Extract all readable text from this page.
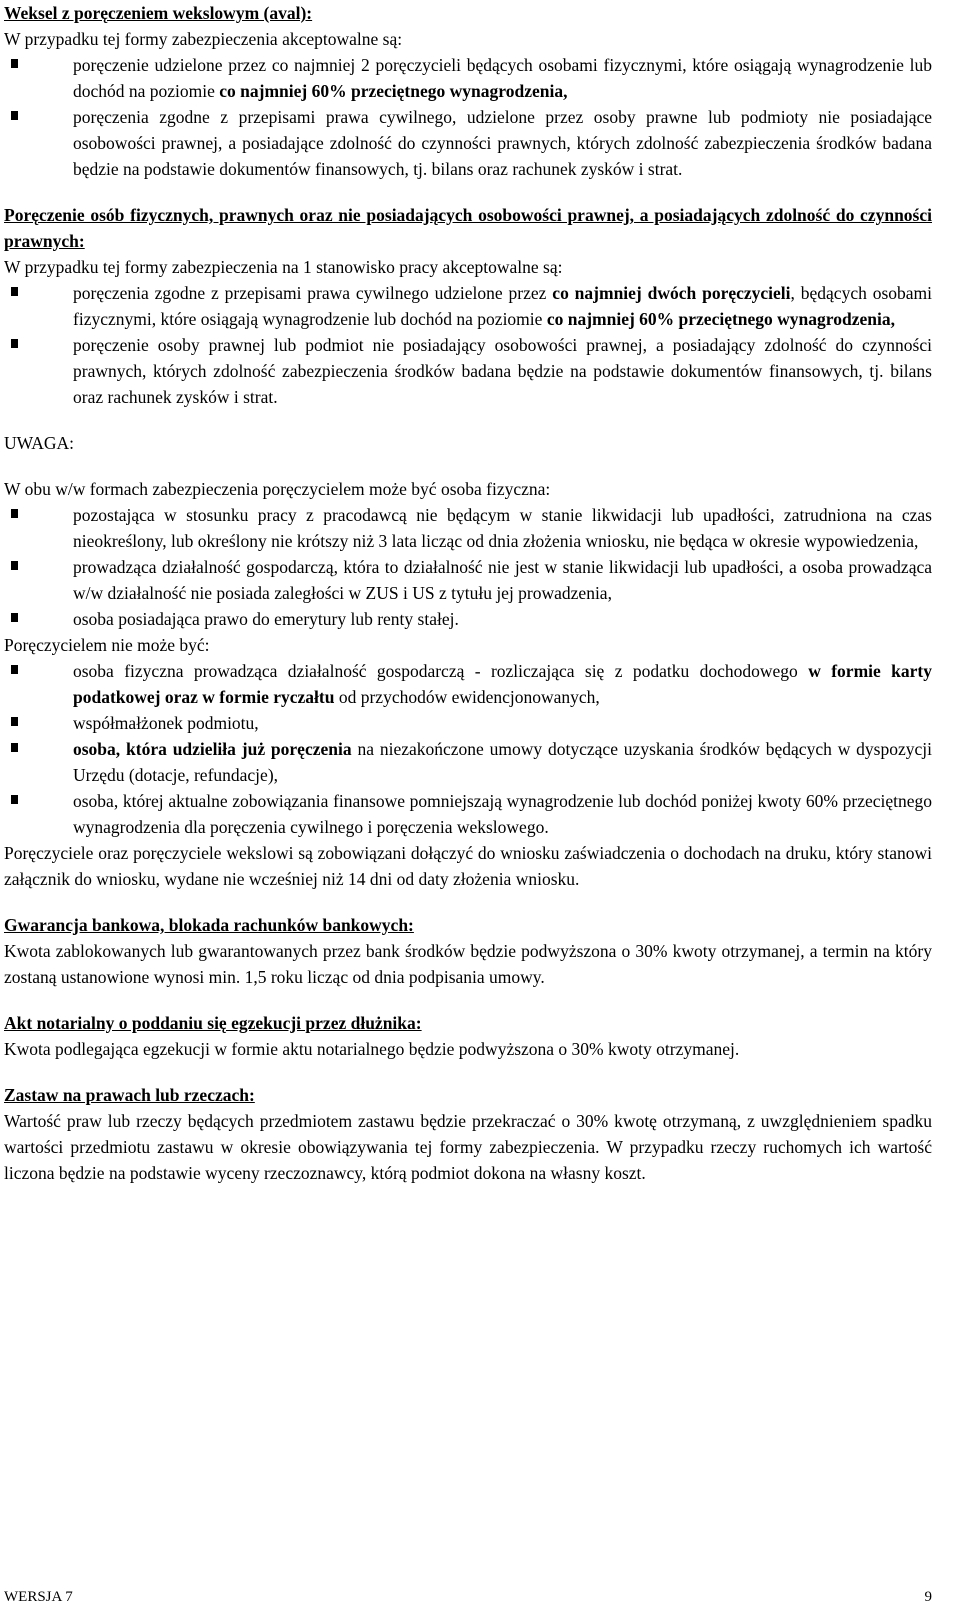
Weksel z poręczeniem wekslowym (aval):

W przypadku tej formy zabezpieczenia akceptowalne są:

poręczenie udzielone przez co najmniej 2 poręczycieli będących osobami fizycznymi, które osiągają wynagrodzenie lub dochód na poziomie co najmniej 60% przeciętnego wynagrodzenia,
poręczenia zgodne z przepisami prawa cywilnego, udzielone przez osoby prawne lub podmioty nie posiadające osobowości prawnej, a posiadające zdolność do czynności prawnych, których zdolność zabezpieczenia środków badana będzie na podstawie dokumentów finansowych, tj. bilans oraz rachunek zysków i strat.

Poręczenie osób fizycznych, prawnych oraz nie posiadających osobowości prawnej, a posiadających zdolność do czynności prawnych:

W przypadku tej formy zabezpieczenia na 1 stanowisko pracy akceptowalne są:

poręczenia zgodne z przepisami prawa cywilnego udzielone przez co najmniej dwóch poręczycieli, będących osobami fizycznymi, które osiągają wynagrodzenie lub dochód na poziomie co najmniej 60% przeciętnego wynagrodzenia,
poręczenie osoby prawnej lub podmiot nie posiadający osobowości prawnej, a posiadający zdolność do czynności prawnych, których zdolność zabezpieczenia środków badana będzie na podstawie dokumentów finansowych, tj. bilans oraz rachunek zysków i strat.

UWAGA:

W obu w/w formach zabezpieczenia poręczycielem może być osoba fizyczna:

pozostająca w stosunku pracy z pracodawcą nie będącym w stanie likwidacji lub upadłości, zatrudniona na czas nieokreślony, lub określony nie krótszy niż 3 lata licząc od dnia złożenia wniosku, nie będąca w okresie wypowiedzenia,
prowadząca działalność gospodarczą, która to działalność nie jest w stanie likwidacji lub upadłości, a osoba prowadząca w/w działalność nie posiada zaległości w ZUS i US z tytułu jej prowadzenia,
osoba posiadająca prawo do emerytury lub renty stałej.

Poręczycielem nie może być:

osoba fizyczna prowadząca działalność gospodarczą - rozliczająca się z podatku dochodowego w formie karty podatkowej oraz w formie ryczałtu od przychodów ewidencjonowanych,
współmałżonek podmiotu,
osoba, która udzieliła już poręczenia na niezakończone umowy dotyczące uzyskania środków będących w dyspozycji Urzędu (dotacje, refundacje),
osoba, której aktualne zobowiązania finansowe pomniejszają wynagrodzenie lub dochód poniżej kwoty 60% przeciętnego wynagrodzenia dla poręczenia cywilnego i poręczenia wekslowego.

Poręczyciele oraz poręczyciele wekslowi są zobowiązani dołączyć do wniosku zaświadczenia o dochodach na druku, który stanowi załącznik do wniosku, wydane nie wcześniej niż 14 dni od daty złożenia wniosku.

Gwarancja bankowa, blokada rachunków bankowych:

Kwota zablokowanych lub gwarantowanych przez bank środków będzie podwyższona o 30% kwoty otrzymanej, a termin na który zostaną ustanowione wynosi min. 1,5 roku licząc od dnia podpisania umowy.

Akt notarialny o poddaniu się egzekucji przez dłużnika:

Kwota podlegająca egzekucji w formie aktu notarialnego będzie podwyższona o 30% kwoty otrzymanej.

Zastaw na prawach lub rzeczach:

Wartość praw lub rzeczy będących przedmiotem zastawu będzie przekraczać o 30% kwotę otrzymaną, z uwzględnieniem spadku wartości przedmiotu zastawu w okresie obowiązywania tej formy zabezpieczenia. W przypadku rzeczy ruchomych ich wartość liczona będzie na podstawie wyceny rzeczoznawcy, którą podmiot dokona na własny koszt.

WERSJA 7	9
